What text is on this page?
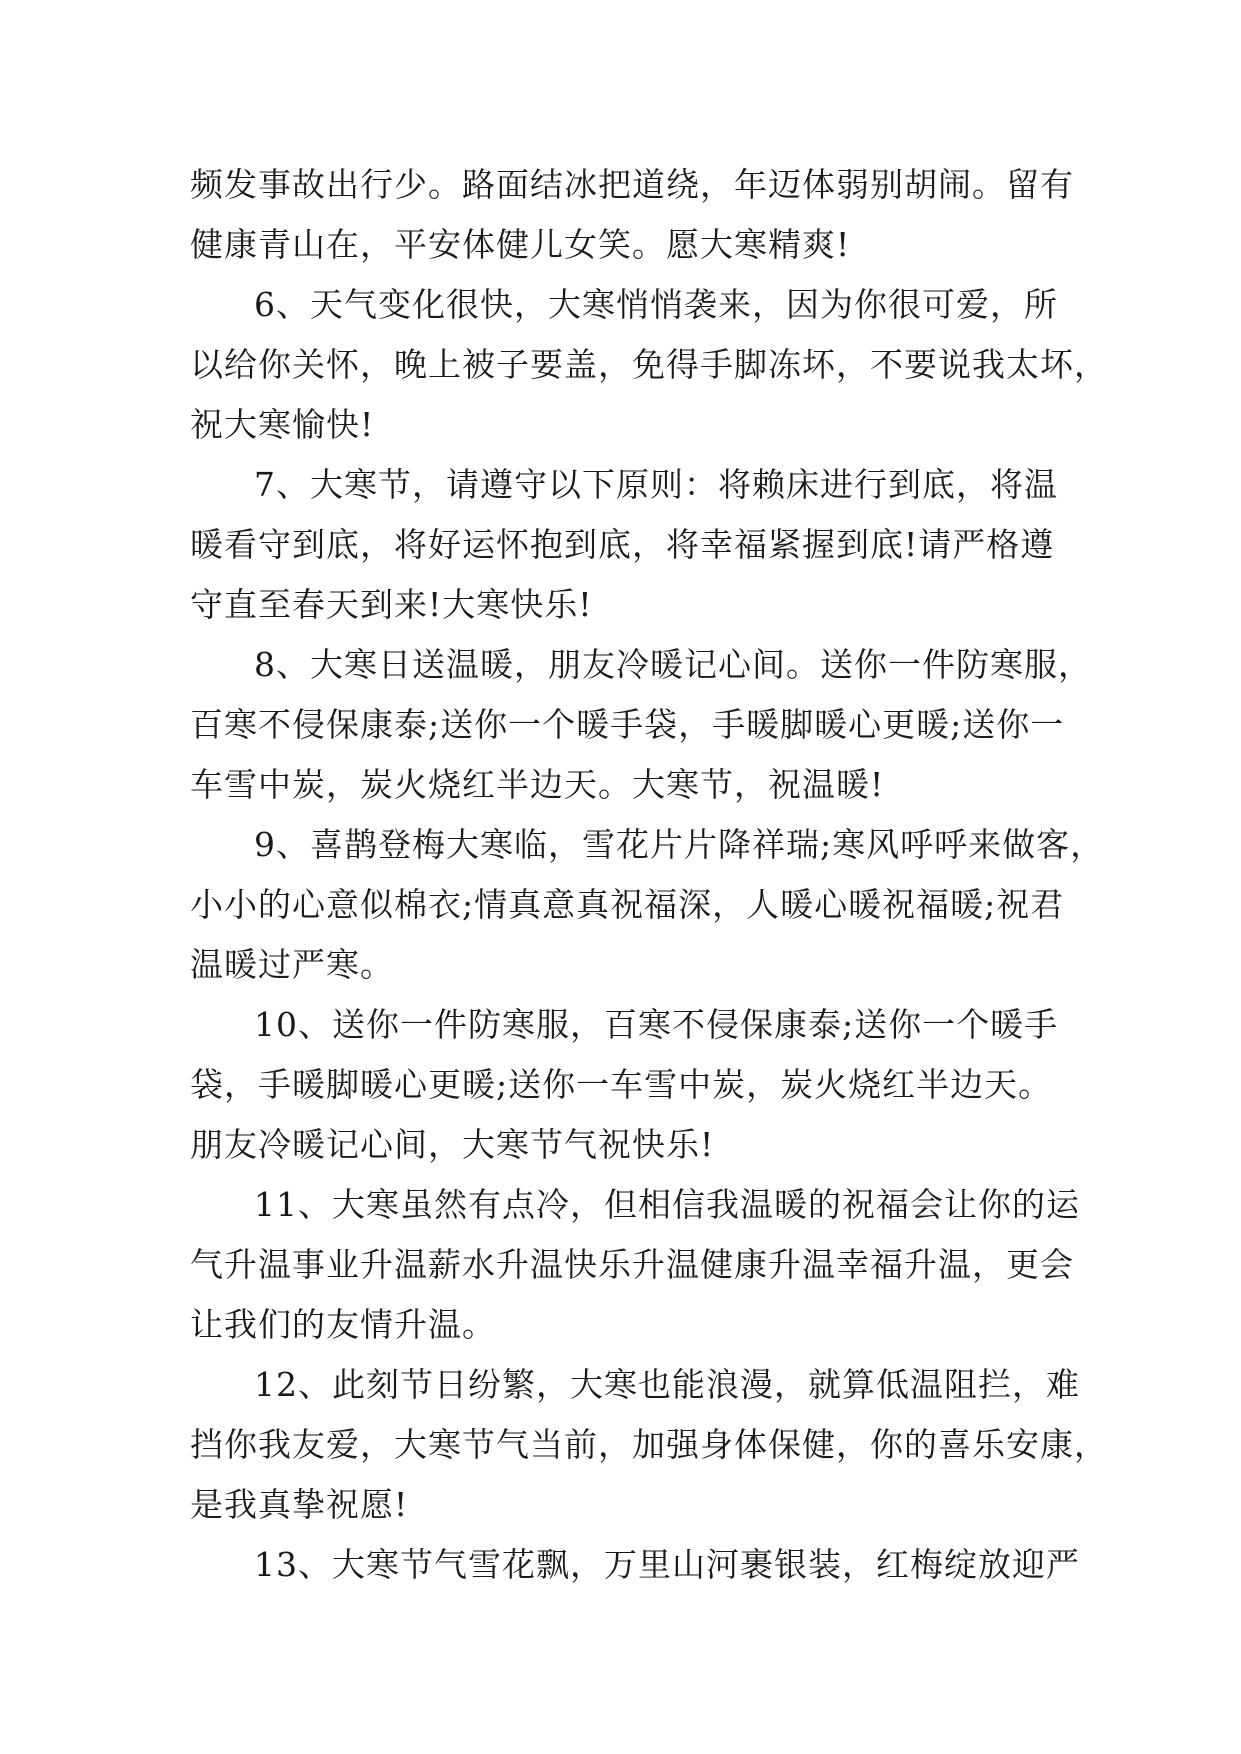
频发事故出行少。路面结冰把道绕，年迈体弱别胡闹。留有
健康青山在，平安体健儿女笑。愿大寒精爽!
6、天气变化很快，大寒悄悄袭来，因为你很可爱，所
以给你关怀，晚上被子要盖，免得手脚冻坏，不要说我太坏，
祝大寒愉快!
7、大寒节，请遵守以下原则：将赖床进行到底，将温
暖看守到底，将好运怀抱到底，将幸福紧握到底!请严格遵
守直至春天到来!大寒快乐!
8、大寒日送温暖，朋友冷暖记心间。送你一件防寒服，
百寒不侵保康泰;送你一个暖手袋，手暖脚暖心更暖;送你一
车雪中炭，炭火烧红半边天。大寒节，祝温暖!
9、喜鹊登梅大寒临，雪花片片降祥瑞;寒风呼呼来做客，
小小的心意似棉衣;情真意真祝福深，人暖心暖祝福暖;祝君
温暖过严寒。
10、送你一件防寒服，百寒不侵保康泰;送你一个暖手
袋，手暖脚暖心更暖;送你一车雪中炭，炭火烧红半边天。
朋友冷暖记心间，大寒节气祝快乐!
11、大寒虽然有点冷，但相信我温暖的祝福会让你的运
气升温事业升温薪水升温快乐升温健康升温幸福升温，更会
让我们的友情升温。
12、此刻节日纷繁，大寒也能浪漫，就算低温阻拦，难
挡你我友爱，大寒节气当前，加强身体保健，你的喜乐安康，
是我真挚祝愿!
13、大寒节气雪花飘，万里山河裹银装，红梅绽放迎严
